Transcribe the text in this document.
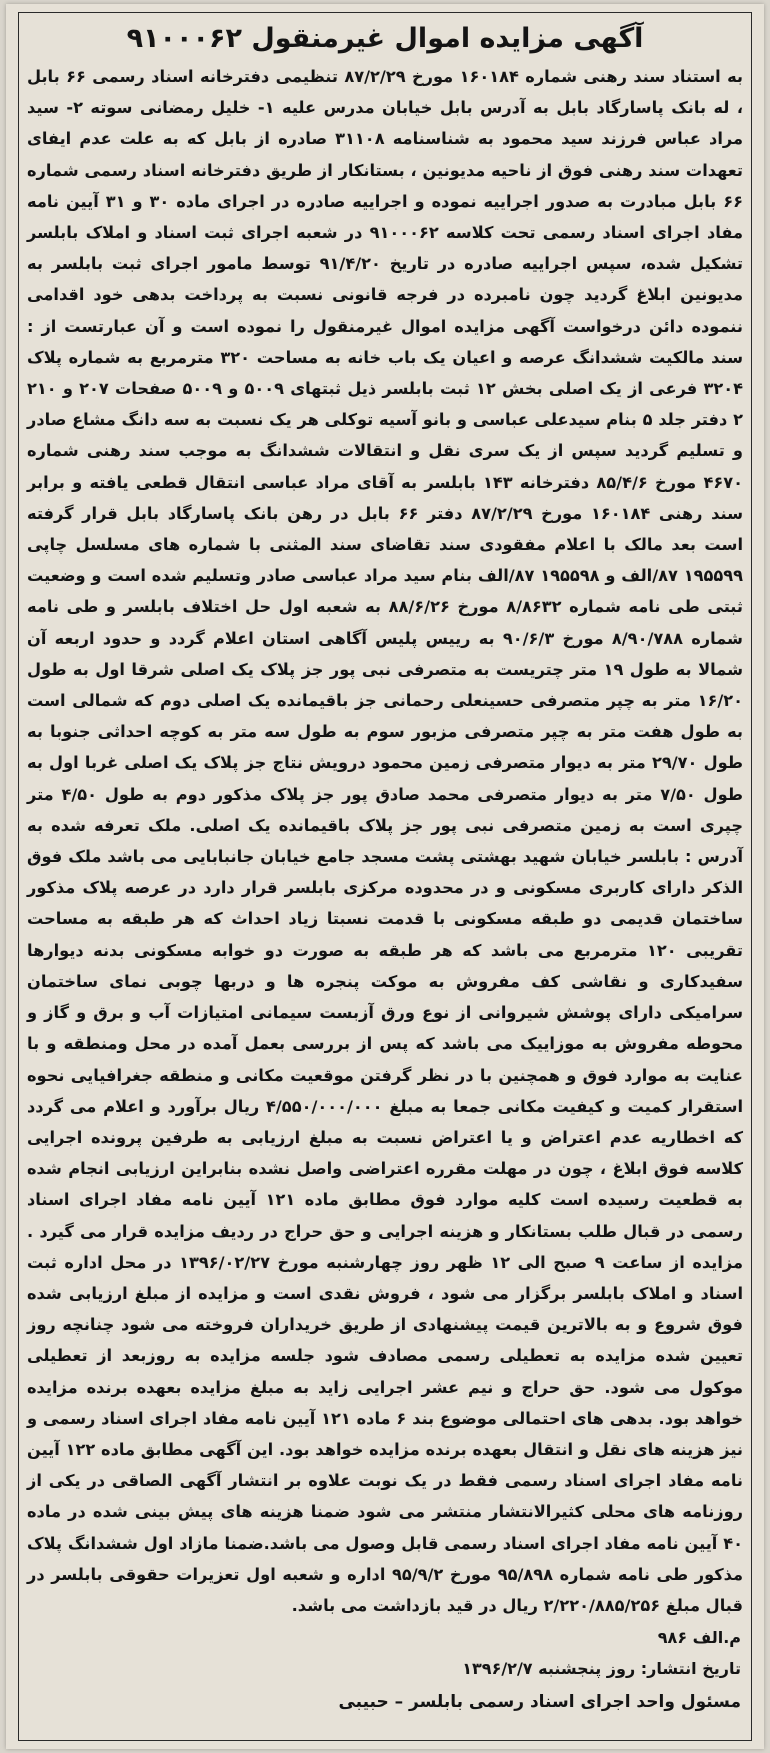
آگهی مزایده اموال غیرمنقول ۹۱۰۰۰۶۲
به استناد سند رهنی شماره ۱۶۰۱۸۴ مورخ ۸۷/۲/۲۹ تنظیمی دفترخانه اسناد رسمی ۶۶ بابل ، له بانک پاسارگاد بابل به آدرس بابل خیابان مدرس علیه ۱- خلیل رمضانی سوته ۲- سید مراد عباس فرزند سید محمود به شناسنامه ۳۱۱۰۸ صادره از بابل که به علت عدم ایفای تعهدات سند رهنی فوق از ناحیه مدیونین ، بستانکار از طریق دفترخانه اسناد رسمی شماره ۶۶ بابل مبادرت به صدور اجراییه نموده و اجراییه صادره در اجرای ماده ۳۰ و ۳۱ آیین نامه مفاد اجرای اسناد رسمی تحت کلاسه ۹۱۰۰۰۶۲ در شعبه اجرای ثبت اسناد و املاک بابلسر تشکیل شده، سپس اجراییه صادره در تاریخ ۹۱/۴/۲۰ توسط مامور اجرای ثبت بابلسر به مدیونین ابلاغ گردید چون نامبرده در فرجه قانونی نسبت به پرداخت بدهی خود اقدامی ننموده دائن درخواست آگهی مزایده اموال غیرمنقول را نموده است و آن عبارتست از : سند مالکیت ششدانگ عرصه و اعیان یک باب خانه به مساحت ۳۲۰ مترمربع به شماره پلاک ۳۲۰۴ فرعی از یک اصلی بخش ۱۲ ثبت بابلسر ذیل ثبتهای ۵۰۰۹ و ۵۰۰۹ صفحات ۲۰۷ و ۲۱۰ ۲ دفتر جلد ۵ بنام سیدعلی عباسی و بانو آسیه توکلی هر یک نسبت به سه دانگ مشاع صادر و تسلیم گردید سپس از یک سری نقل و انتقالات ششدانگ به موجب سند رهنی شماره ۴۶۷۰ مورخ ۸۵/۴/۶ دفترخانه ۱۴۳ بابلسر به آقای مراد عباسی انتقال قطعی یافته و برابر سند رهنی ۱۶۰۱۸۴ مورخ ۸۷/۲/۲۹ دفتر ۶۶ بابل در رهن بانک پاسارگاد بابل قرار گرفته است بعد مالک با اعلام مفقودی سند تقاضای سند المثنی با شماره های مسلسل چاپی ۱۹۵۵۹۹ ۸۷/الف و ۱۹۵۵۹۸ ۸۷/الف بنام سید مراد عباسی صادر وتسلیم شده است و وضعیت ثبتی طی نامه شماره ۸/۸۶۳۲ مورخ ۸۸/۶/۲۶ به شعبه اول حل اختلاف بابلسر و طی نامه شماره ۸/۹۰/۷۸۸ مورخ ۹۰/۶/۳ به رییس پلیس آگاهی استان اعلام گردد و حدود اربعه آن شمالا به طول ۱۹ متر چتریست به متصرفی نبی پور جز پلاک یک اصلی شرقا اول به طول ۱۶/۲۰ متر به چپر متصرفی حسینعلی رحمانی جز باقیمانده یک اصلی دوم که شمالی است به طول هفت متر به چپر متصرفی مزبور سوم به طول سه متر به کوچه احداثی جنوبا به طول ۲۹/۷۰ متر به دیوار متصرفی زمین محمود درویش نتاج جز پلاک یک اصلی غربا اول به طول ۷/۵۰ متر به دیوار متصرفی محمد صادق پور جز پلاک مذکور دوم به طول ۴/۵۰ متر چپری است به زمین متصرفی نبی پور جز پلاک باقیمانده یک اصلی. ملک تعرفه شده به آدرس : بابلسر خیابان شهید بهشتی پشت مسجد جامع خیابان جانبابایی می باشد ملک فوق الذکر دارای کاربری مسکونی و در محدوده مرکزی بابلسر قرار دارد در عرصه پلاک مذکور ساختمان قدیمی دو طبقه مسکونی با قدمت نسبتا زیاد احداث که هر طبقه به مساحت تقریبی ۱۲۰ مترمربع می باشد که هر طبقه به صورت دو خوابه مسکونی بدنه دیوارها سفیدکاری و نقاشی کف مفروش به موکت پنجره ها و دربها چوبی نمای ساختمان سرامیکی دارای پوشش شیروانی از نوع ورق آزبست سیمانی امتیازات آب و برق و گاز و محوطه مفروش به موزاییک می باشد که پس از بررسی بعمل آمده در محل ومنطقه و با عنایت به موارد فوق و همچنین با در نظر گرفتن موقعیت مکانی و منطقه جغرافیایی نحوه استقرار کمیت و کیفیت مکانی جمعا به مبلغ ۴/۵۵۰/۰۰۰/۰۰۰ ریال برآورد و اعلام می گردد که اخطاریه عدم اعتراض و یا اعتراض نسبت به مبلغ ارزیابی به طرفین پرونده اجرایی کلاسه فوق ابلاغ ، چون در مهلت مقرره اعتراضی واصل نشده بنابراین ارزیابی انجام شده به قطعیت رسیده است کلیه موارد فوق مطابق ماده ۱۲۱ آیین نامه مفاد اجرای اسناد رسمی در قبال طلب بستانکار و هزینه اجرایی و حق حراج در ردیف مزایده قرار می گیرد . مزایده از ساعت ۹ صبح الی ۱۲ ظهر روز چهارشنبه مورخ ۱۳۹۶/۰۲/۲۷ در محل اداره ثبت اسناد و املاک بابلسر برگزار می شود ، فروش نقدی است و مزایده از مبلغ ارزیابی شده فوق شروع و به بالاترین قیمت پیشنهادی از طریق خریداران فروخته می شود چنانچه روز تعیین شده مزایده به تعطیلی رسمی مصادف شود جلسه مزایده به روزبعد از تعطیلی موکول می شود. حق حراج و نیم عشر اجرایی زاید به مبلغ مزایده بعهده برنده مزایده خواهد بود. بدهی های احتمالی موضوع بند ۶ ماده ۱۲۱ آیین نامه مفاد اجرای اسناد رسمی و نیز هزینه های نقل و انتقال بعهده برنده مزایده خواهد بود. این آگهی مطابق ماده ۱۲۲ آیین نامه مفاد اجرای اسناد رسمی فقط در یک نوبت علاوه بر انتشار آگهی الصاقی در یکی از روزنامه های محلی کثیرالانتشار منتشر می شود ضمنا هزینه های پیش بینی شده در ماده ۴۰ آیین نامه مفاد اجرای اسناد رسمی قابل وصول می باشد.ضمنا مازاد اول ششدانگ پلاک مذکور طی نامه شماره ۹۵/۸۹۸ مورخ ۹۵/۹/۲ اداره و شعبه اول تعزیرات حقوقی بابلسر در قبال مبلغ ۲/۲۲۰/۸۸۵/۲۵۶ ریال در قید بازداشت می باشد.
م.الف ۹۸۶
تاریخ انتشار: روز پنجشنبه ۱۳۹۶/۲/۷
مسئول واحد اجرای اسناد رسمی بابلسر – حبیبی
